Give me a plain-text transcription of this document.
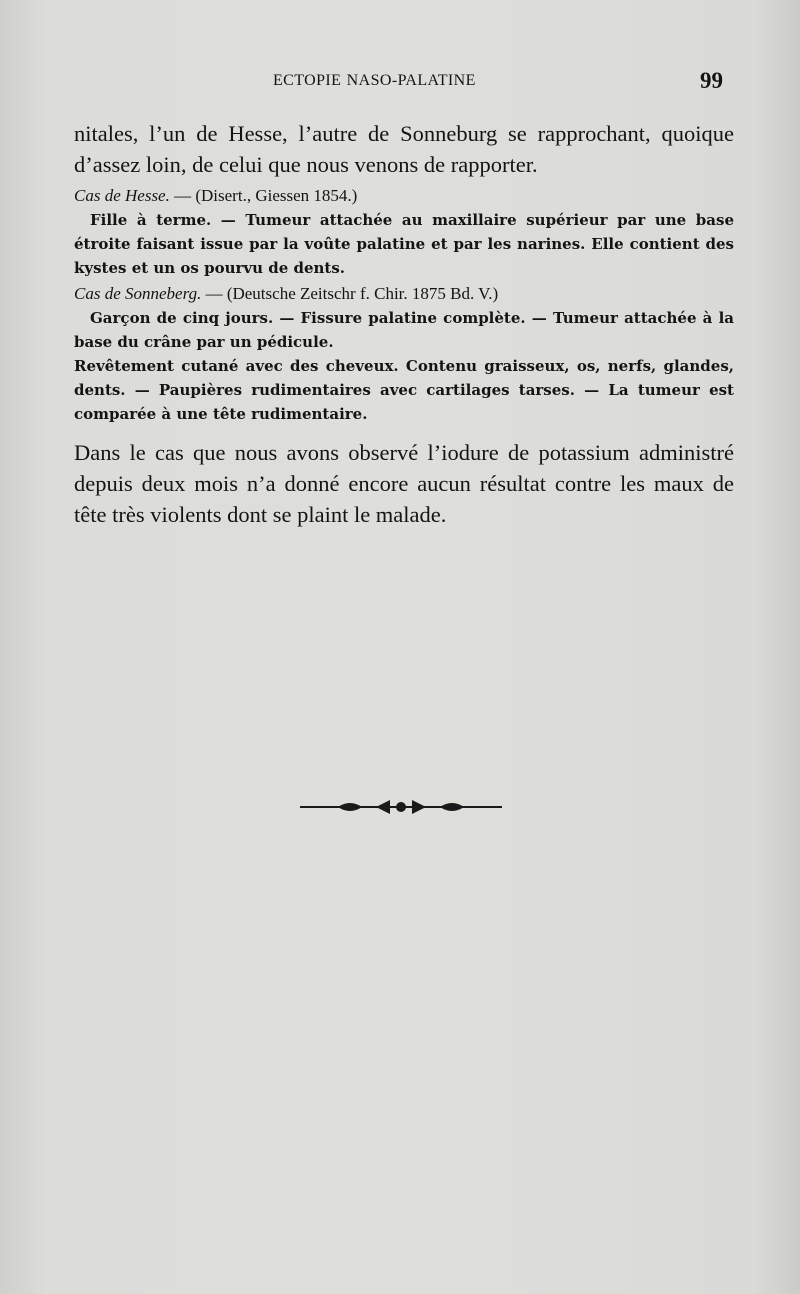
ECTOPIE NASO-PALATINE	99

nitales, l’un de Hesse, l’autre de Sonneburg se rapprochant, quoique d’assez loin, de celui que nous venons de rapporter.

Cas de Hesse. — (Disert., Giessen 1854.)

Fille à terme. — Tumeur attachée au maxillaire supérieur par une base étroite faisant issue par la voûte palatine et par les narines. Elle contient des kystes et un os pourvu de dents.

Cas de Sonneberg. — (Deutsche Zeitschr f. Chir. 1875 Bd. V.)

Garçon de cinq jours. — Fissure palatine complète. — Tumeur attachée à la base du crâne par un pédicule.

Revêtement cutané avec des cheveux. Contenu graisseux, os, nerfs, glandes, dents. — Paupières rudimentaires avec cartilages tarses. — La tumeur est comparée à une tête rudimentaire.

Dans le cas que nous avons observé l’iodure de potassium administré depuis deux mois n’a donné encore aucun résultat contre les maux de tête très violents dont se plaint le malade.
